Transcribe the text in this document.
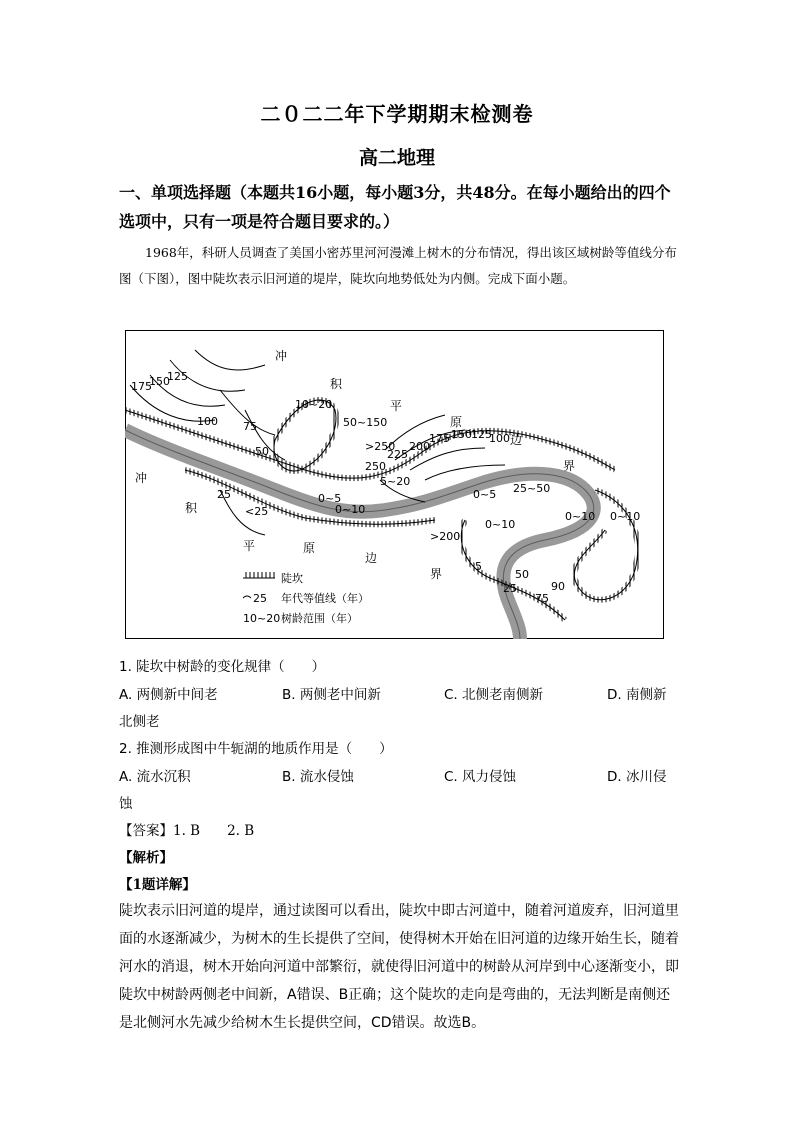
二０二二年下学期期末检测卷
高二地理
一、单项选择题（本题共16小题，每小题3分，共48分。在每小题给出的四个选项中，只有一项是符合题目要求的。）
1968年，科研人员调查了美国小密苏里河河漫滩上树木的分布情况，得出该区域树龄等值线分布图（下图），图中陡坎表示旧河道的堤岸，陡坎向地势低处为内侧。完成下面小题。
冲
积
平
原
边
界
冲
积
平	原
边
界
175
150
125
100 75
50
10~20
50~150
<25
25
>250
250
225
200
175 150 125
100
5~20
0~5
0~10
25~50
0~5
>200
0~10
5
25
50
75
90
0~10 0~10
陡坎
25 年代等值线（年）
10~20 树龄范围（年）
1. 陡坎中树龄的变化规律（　　）
A. 两侧新中间老	B. 两侧老中间新	C. 北侧老南侧新	D. 南侧新
北侧老
2. 推测形成图中牛轭湖的地质作用是（　　）
A. 流水沉积	B. 流水侵蚀	C. 风力侵蚀	D. 冰川侵
蚀
【答案】1. B　　2. B
【解析】
【1题详解】
陡坎表示旧河道的堤岸，通过读图可以看出，陡坎中即古河道中，随着河道废弃，旧河道里面的水逐渐减少，为树木的生长提供了空间，使得树木开始在旧河道的边缘开始生长，随着河水的消退，树木开始向河道中部繁衍，就使得旧河道中的树龄从河岸到中心逐渐变小，即陡坎中树龄两侧老中间新，A错误、B正确；这个陡坎的走向是弯曲的，无法判断是南侧还是北侧河水先减少给树木生长提供空间，CD错误。故选B。
